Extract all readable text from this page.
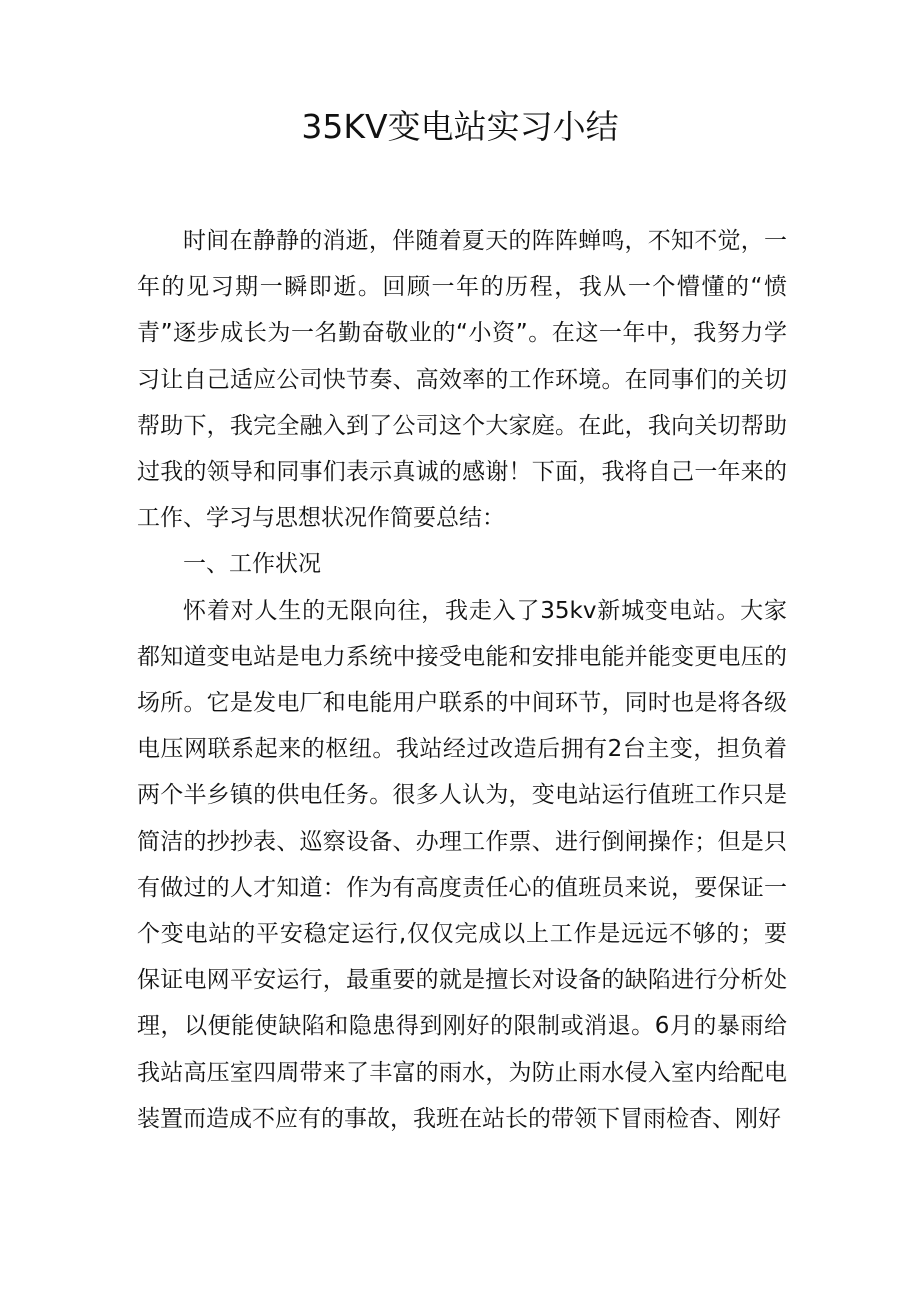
35KV变电站实习小结

时间在静静的消逝，伴随着夏天的阵阵蝉鸣，不知不觉，一年的见习期一瞬即逝。回顾一年的历程，我从一个懵懂的“愤青”逐步成长为一名勤奋敬业的“小资”。在这一年中，我努力学习让自己适应公司快节奏、高效率的工作环境。在同事们的关切帮助下，我完全融入到了公司这个大家庭。在此，我向关切帮助过我的领导和同事们表示真诚的感谢！下面，我将自己一年来的工作、学习与思想状况作简要总结：

一、工作状况

怀着对人生的无限向往，我走入了35kv新城变电站。大家都知道变电站是电力系统中接受电能和安排电能并能变更电压的场所。它是发电厂和电能用户联系的中间环节，同时也是将各级电压网联系起来的枢纽。我站经过改造后拥有2台主变，担负着两个半乡镇的供电任务。很多人认为，变电站运行值班工作只是简洁的抄抄表、巡察设备、办理工作票、进行倒闸操作；但是只有做过的人才知道：作为有高度责任心的值班员来说，要保证一个变电站的平安稳定运行,仅仅完成以上工作是远远不够的；要保证电网平安运行，最重要的就是擅长对设备的缺陷进行分析处理，以便能使缺陷和隐患得到刚好的限制或消退。6月的暴雨给我站高压室四周带来了丰富的雨水，为防止雨水侵入室内给配电装置而造成不应有的事故，我班在站长的带领下冒雨检杳、刚好
